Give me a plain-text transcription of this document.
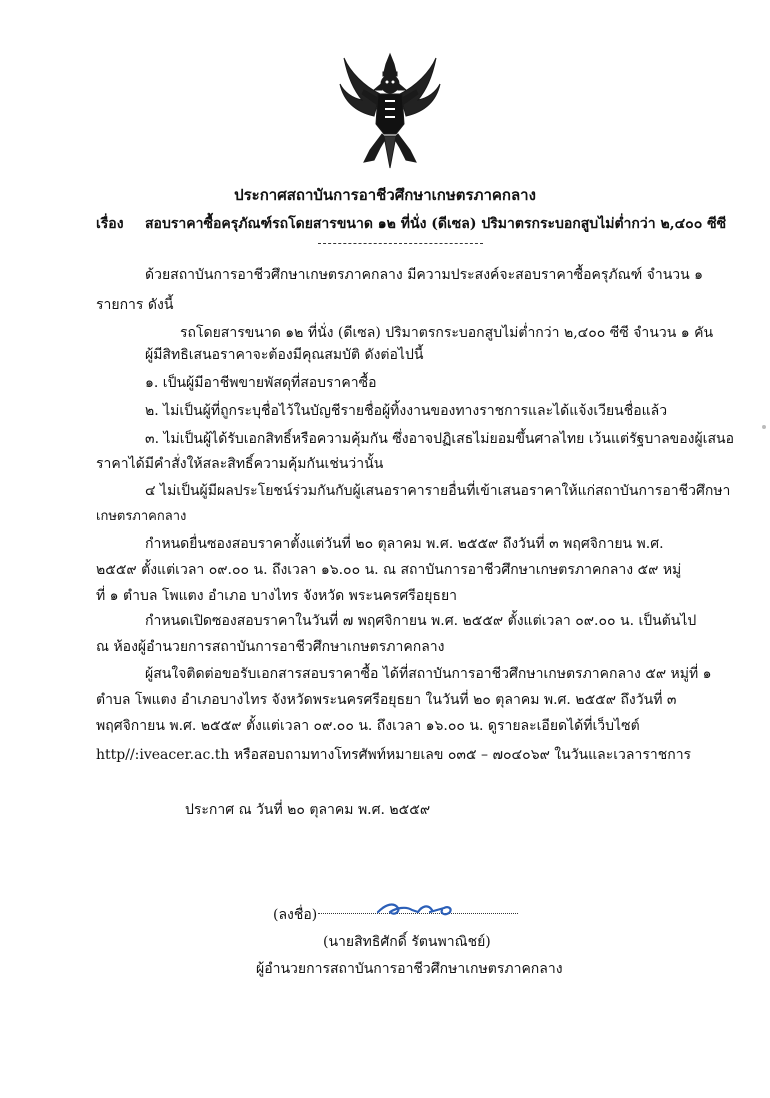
ประกาศสถาบันการอาชีวศึกษาเกษตรภาคกลาง
เรื่อง สอบราคาซื้อครุภัณฑ์รถโดยสารขนาด ๑๒ ที่นั่ง (ดีเซล) ปริมาตรกระบอกสูบไม่ต่ำกว่า ๒,๔๐๐ ซีซี
ด้วยสถาบันการอาชีวศึกษาเกษตรภาคกลาง มีความประสงค์จะสอบราคาซื้อครุภัณฑ์ จำนวน ๑
รายการ ดังนี้
รถโดยสารขนาด ๑๒ ที่นั่ง (ดีเซล) ปริมาตรกระบอกสูบไม่ต่ำกว่า ๒,๔๐๐ ซีซี จำนวน ๑ คัน
ผู้มีสิทธิเสนอราคาจะต้องมีคุณสมบัติ ดังต่อไปนี้
๑. เป็นผู้มีอาชีพขายพัสดุที่สอบราคาซื้อ
๒. ไม่เป็นผู้ที่ถูกระบุชื่อไว้ในบัญชีรายชื่อผู้ทิ้งงานของทางราชการและได้แจ้งเวียนชื่อแล้ว
๓. ไม่เป็นผู้ได้รับเอกสิทธิ์หรือความคุ้มกัน ซึ่งอาจปฏิเสธไม่ยอมขึ้นศาลไทย เว้นแต่รัฐบาลของผู้เสนอ
ราคาได้มีคำสั่งให้สละสิทธิ์ความคุ้มกันเช่นว่านั้น
๔ ไม่เป็นผู้มีผลประโยชน์ร่วมกันกับผู้เสนอราคารายอื่นที่เข้าเสนอราคาให้แก่สถาบันการอาชีวศึกษา
เกษตรภาคกลาง
กำหนดยื่นซองสอบราคาตั้งแต่วันที่ ๒๐ ตุลาคม พ.ศ. ๒๕๕๙ ถึงวันที่ ๓ พฤศจิกายน พ.ศ.
๒๕๕๙ ตั้งแต่เวลา ๐๙.๐๐ น. ถึงเวลา ๑๖.๐๐ น. ณ สถาบันการอาชีวศึกษาเกษตรภาคกลาง ๕๙ หมู่
ที่ ๑ ตำบล โพแตง อำเภอ บางไทร จังหวัด พระนครศรีอยุธยา
กำหนดเปิดซองสอบราคาในวันที่ ๗ พฤศจิกายน พ.ศ. ๒๕๕๙ ตั้งแต่เวลา ๐๙.๐๐ น. เป็นต้นไป
ณ ห้องผู้อำนวยการสถาบันการอาชีวศึกษาเกษตรภาคกลาง
ผู้สนใจติดต่อขอรับเอกสารสอบราคาซื้อ ได้ที่สถาบันการอาชีวศึกษาเกษตรภาคกลาง ๕๙ หมู่ที่ ๑
ตำบล โพแตง อำเภอบางไทร จังหวัดพระนครศรีอยุธยา ในวันที่ ๒๐ ตุลาคม พ.ศ. ๒๕๕๙ ถึงวันที่ ๓
พฤศจิกายน พ.ศ. ๒๕๕๙ ตั้งแต่เวลา ๐๙.๐๐ น. ถึงเวลา ๑๖.๐๐ น. ดูรายละเอียดได้ที่เว็บไซต์
http//:iveacer.ac.th หรือสอบถามทางโทรศัพท์หมายเลข ๐๓๕ – ๗๐๔๐๖๙ ในวันและเวลาราชการ
ประกาศ ณ วันที่ ๒๐ ตุลาคม พ.ศ. ๒๕๕๙
(ลงชื่อ)
(นายสิทธิศักดิ์ รัตนพาณิชย์)
ผู้อำนวยการสถาบันการอาชีวศึกษาเกษตรภาคกลาง
